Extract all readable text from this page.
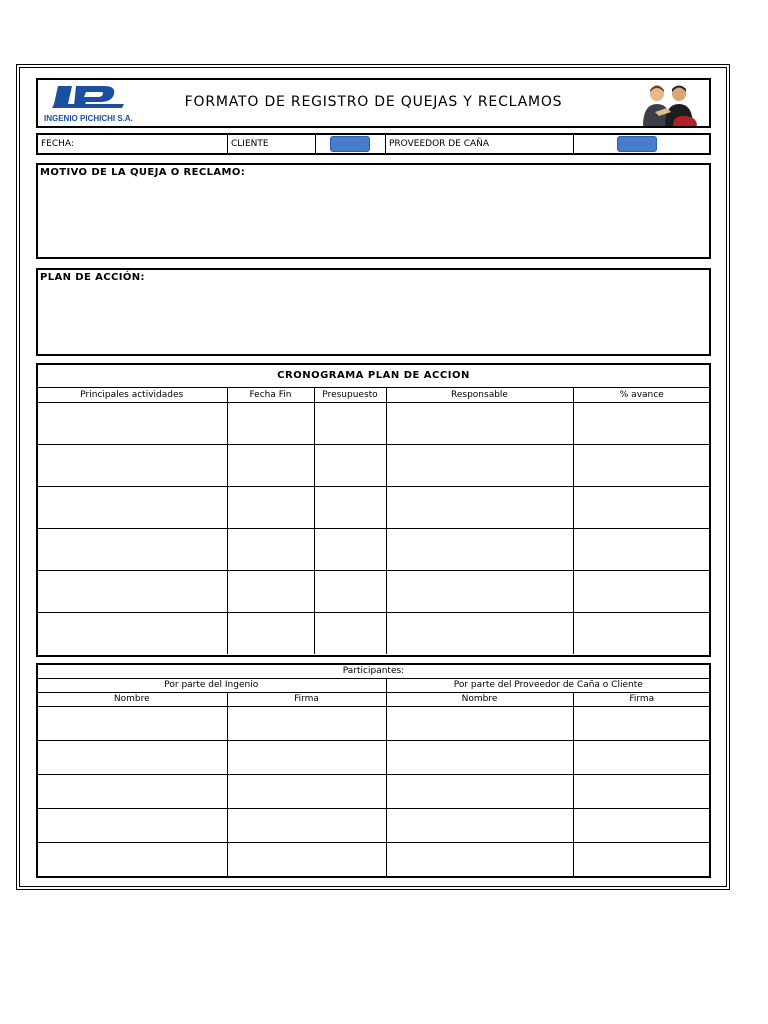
INGENIO PICHICHI S.A.
FORMATO DE REGISTRO DE QUEJAS Y RECLAMOS
FECHA:	CLIENTE	PROVEEDOR DE CAÑA
MOTIVO DE LA QUEJA O RECLAMO:
PLAN DE ACCIÓN:
CRONOGRAMA PLAN DE ACCION				
Principales actividades	Fecha Fin	Presupuesto	Responsable	% avance

Participantes:			
Por parte del Ingenio		Por parte del Proveedor de Caña o Cliente	
Nombre	Firma	Nombre	Firma
